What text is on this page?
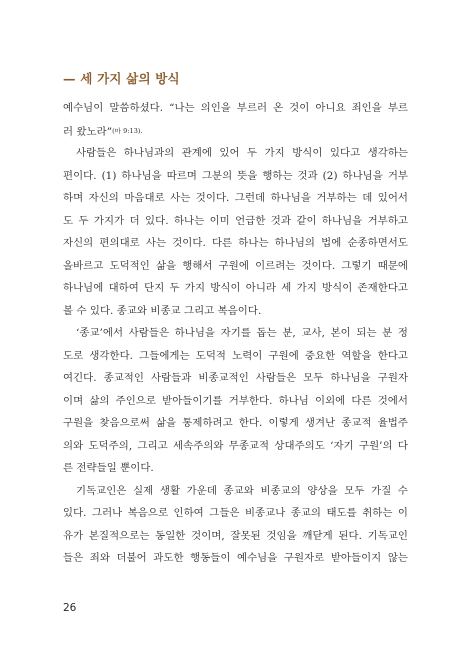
— 세 가지 삶의 방식
예수님이 말씀하셨다. “나는 의인을 부르러 온 것이 아니요 죄인을 부르
러 왔노라”(마 9:13).
사람들은 하나님과의 관계에 있어 두 가지 방식이 있다고 생각하는
편이다. (1) 하나님을 따르며 그분의 뜻을 행하는 것과 (2) 하나님을 거부
하며 자신의 마음대로 사는 것이다. 그런데 하나님을 거부하는 데 있어서
도 두 가지가 더 있다. 하나는 이미 언급한 것과 같이 하나님을 거부하고
자신의 편의대로 사는 것이다. 다른 하나는 하나님의 법에 순종하면서도
올바르고 도덕적인 삶을 행해서 구원에 이르려는 것이다. 그렇기 때문에
하나님에 대하여 단지 두 가지 방식이 아니라 세 가지 방식이 존재한다고
볼 수 있다. 종교와 비종교 그리고 복음이다.
‘종교’에서 사람들은 하나님을 자기를 돕는 분, 교사, 본이 되는 분 정
도로 생각한다. 그들에게는 도덕적 노력이 구원에 중요한 역할을 한다고
여긴다. 종교적인 사람들과 비종교적인 사람들은 모두 하나님을 구원자
이며 삶의 주인으로 받아들이기를 거부한다. 하나님 이외에 다른 것에서
구원을 찾음으로써 삶을 통제하려고 한다. 이렇게 생겨난 종교적 율법주
의와 도덕주의, 그리고 세속주의와 무종교적 상대주의도 ‘자기 구원’의 다
른 전략들일 뿐이다.
기독교인은 실제 생활 가운데 종교와 비종교의 양상을 모두 가질 수
있다. 그러나 복음으로 인하여 그들은 비종교나 종교의 태도를 취하는 이
유가 본질적으로는 동일한 것이며, 잘못된 것임을 깨닫게 된다. 기독교인
들은 죄와 더불어 과도한 행동들이 예수님을 구원자로 받아들이지 않는
26
